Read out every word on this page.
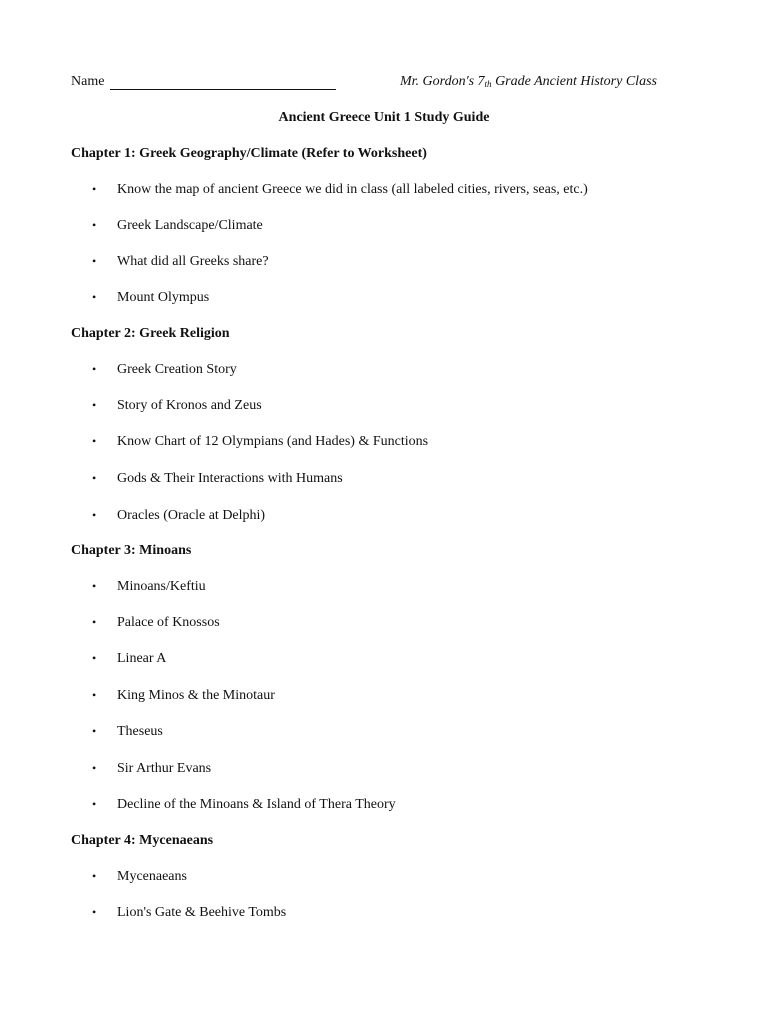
Name	Mr. Gordon's $7_{th}$ Grade Ancient History Class
Ancient Greece Unit 1 Study Guide
Chapter 1: Greek Geography/Climate (Refer to Worksheet)
• Know the map of ancient Greece we did in class (all labeled cities, rivers, seas, etc.)
• Greek Landscape/Climate
• What did all Greeks share?
• Mount Olympus
Chapter 2: Greek Religion
• Greek Creation Story
• Story of Kronos and Zeus
• Know Chart of 12 Olympians (and Hades) & Functions
• Gods & Their Interactions with Humans
• Oracles (Oracle at Delphi)
Chapter 3: Minoans
• Minoans/Keftiu
• Palace of Knossos
• Linear A
• King Minos & the Minotaur
• Theseus
• Sir Arthur Evans
• Decline of the Minoans & Island of Thera Theory
Chapter 4: Mycenaeans
• Mycenaeans
• Lion's Gate & Beehive Tombs
